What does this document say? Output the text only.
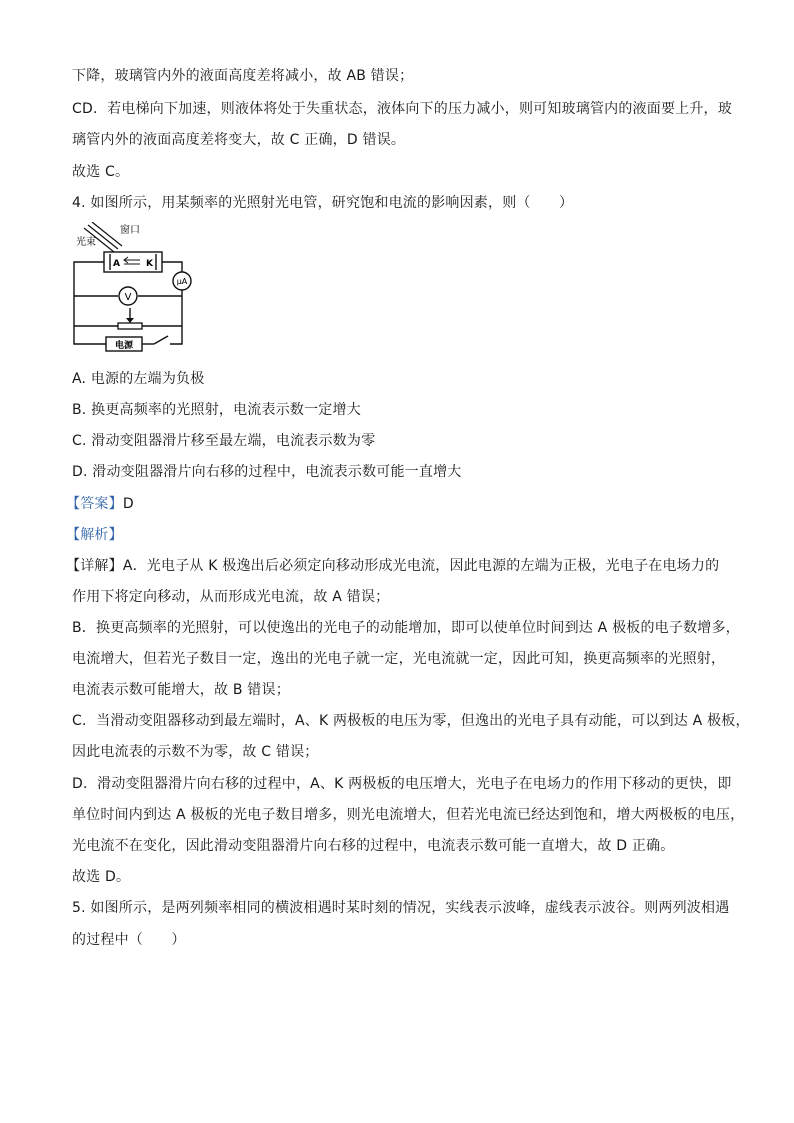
下降，玻璃管内外的液面高度差将减小，故 AB 错误；
CD．若电梯向下加速，则液体将处于失重状态，液体向下的压力减小，则可知玻璃管内的液面要上升，玻
璃管内外的液面高度差将变大，故 C 正确，D 错误。
故选 C。
4. 如图所示，用某频率的光照射光电管，研究饱和电流的影响因素，则（　　）
光束
窗口
A	K
μA
V
电源
A. 电源的左端为负极
B. 换更高频率的光照射，电流表示数一定增大
C. 滑动变阻器滑片移至最左端，电流表示数为零
D. 滑动变阻器滑片向右移的过程中，电流表示数可能一直增大
【答案】D
【解析】
【详解】A．光电子从 K 极逸出后必须定向移动形成光电流，因此电源的左端为正极，光电子在电场力的
作用下将定向移动，从而形成光电流，故 A 错误；
B．换更高频率的光照射，可以使逸出的光电子的动能增加，即可以使单位时间到达 A 极板的电子数增多，
电流增大，但若光子数目一定，逸出的光电子就一定，光电流就一定，因此可知，换更高频率的光照射，
电流表示数可能增大，故 B 错误；
C．当滑动变阻器移动到最左端时，A、K 两极板的电压为零，但逸出的光电子具有动能，可以到达 A 极板，
因此电流表的示数不为零，故 C 错误；
D．滑动变阻器滑片向右移的过程中，A、K 两极板的电压增大，光电子在电场力的作用下移动的更快，即
单位时间内到达 A 极板的光电子数目增多，则光电流增大，但若光电流已经达到饱和，增大两极板的电压，
光电流不在变化，因此滑动变阻器滑片向右移的过程中，电流表示数可能一直增大，故 D 正确。
故选 D。
5. 如图所示，是两列频率相同的横波相遇时某时刻的情况，实线表示波峰，虚线表示波谷。则两列波相遇
的过程中（　　）
